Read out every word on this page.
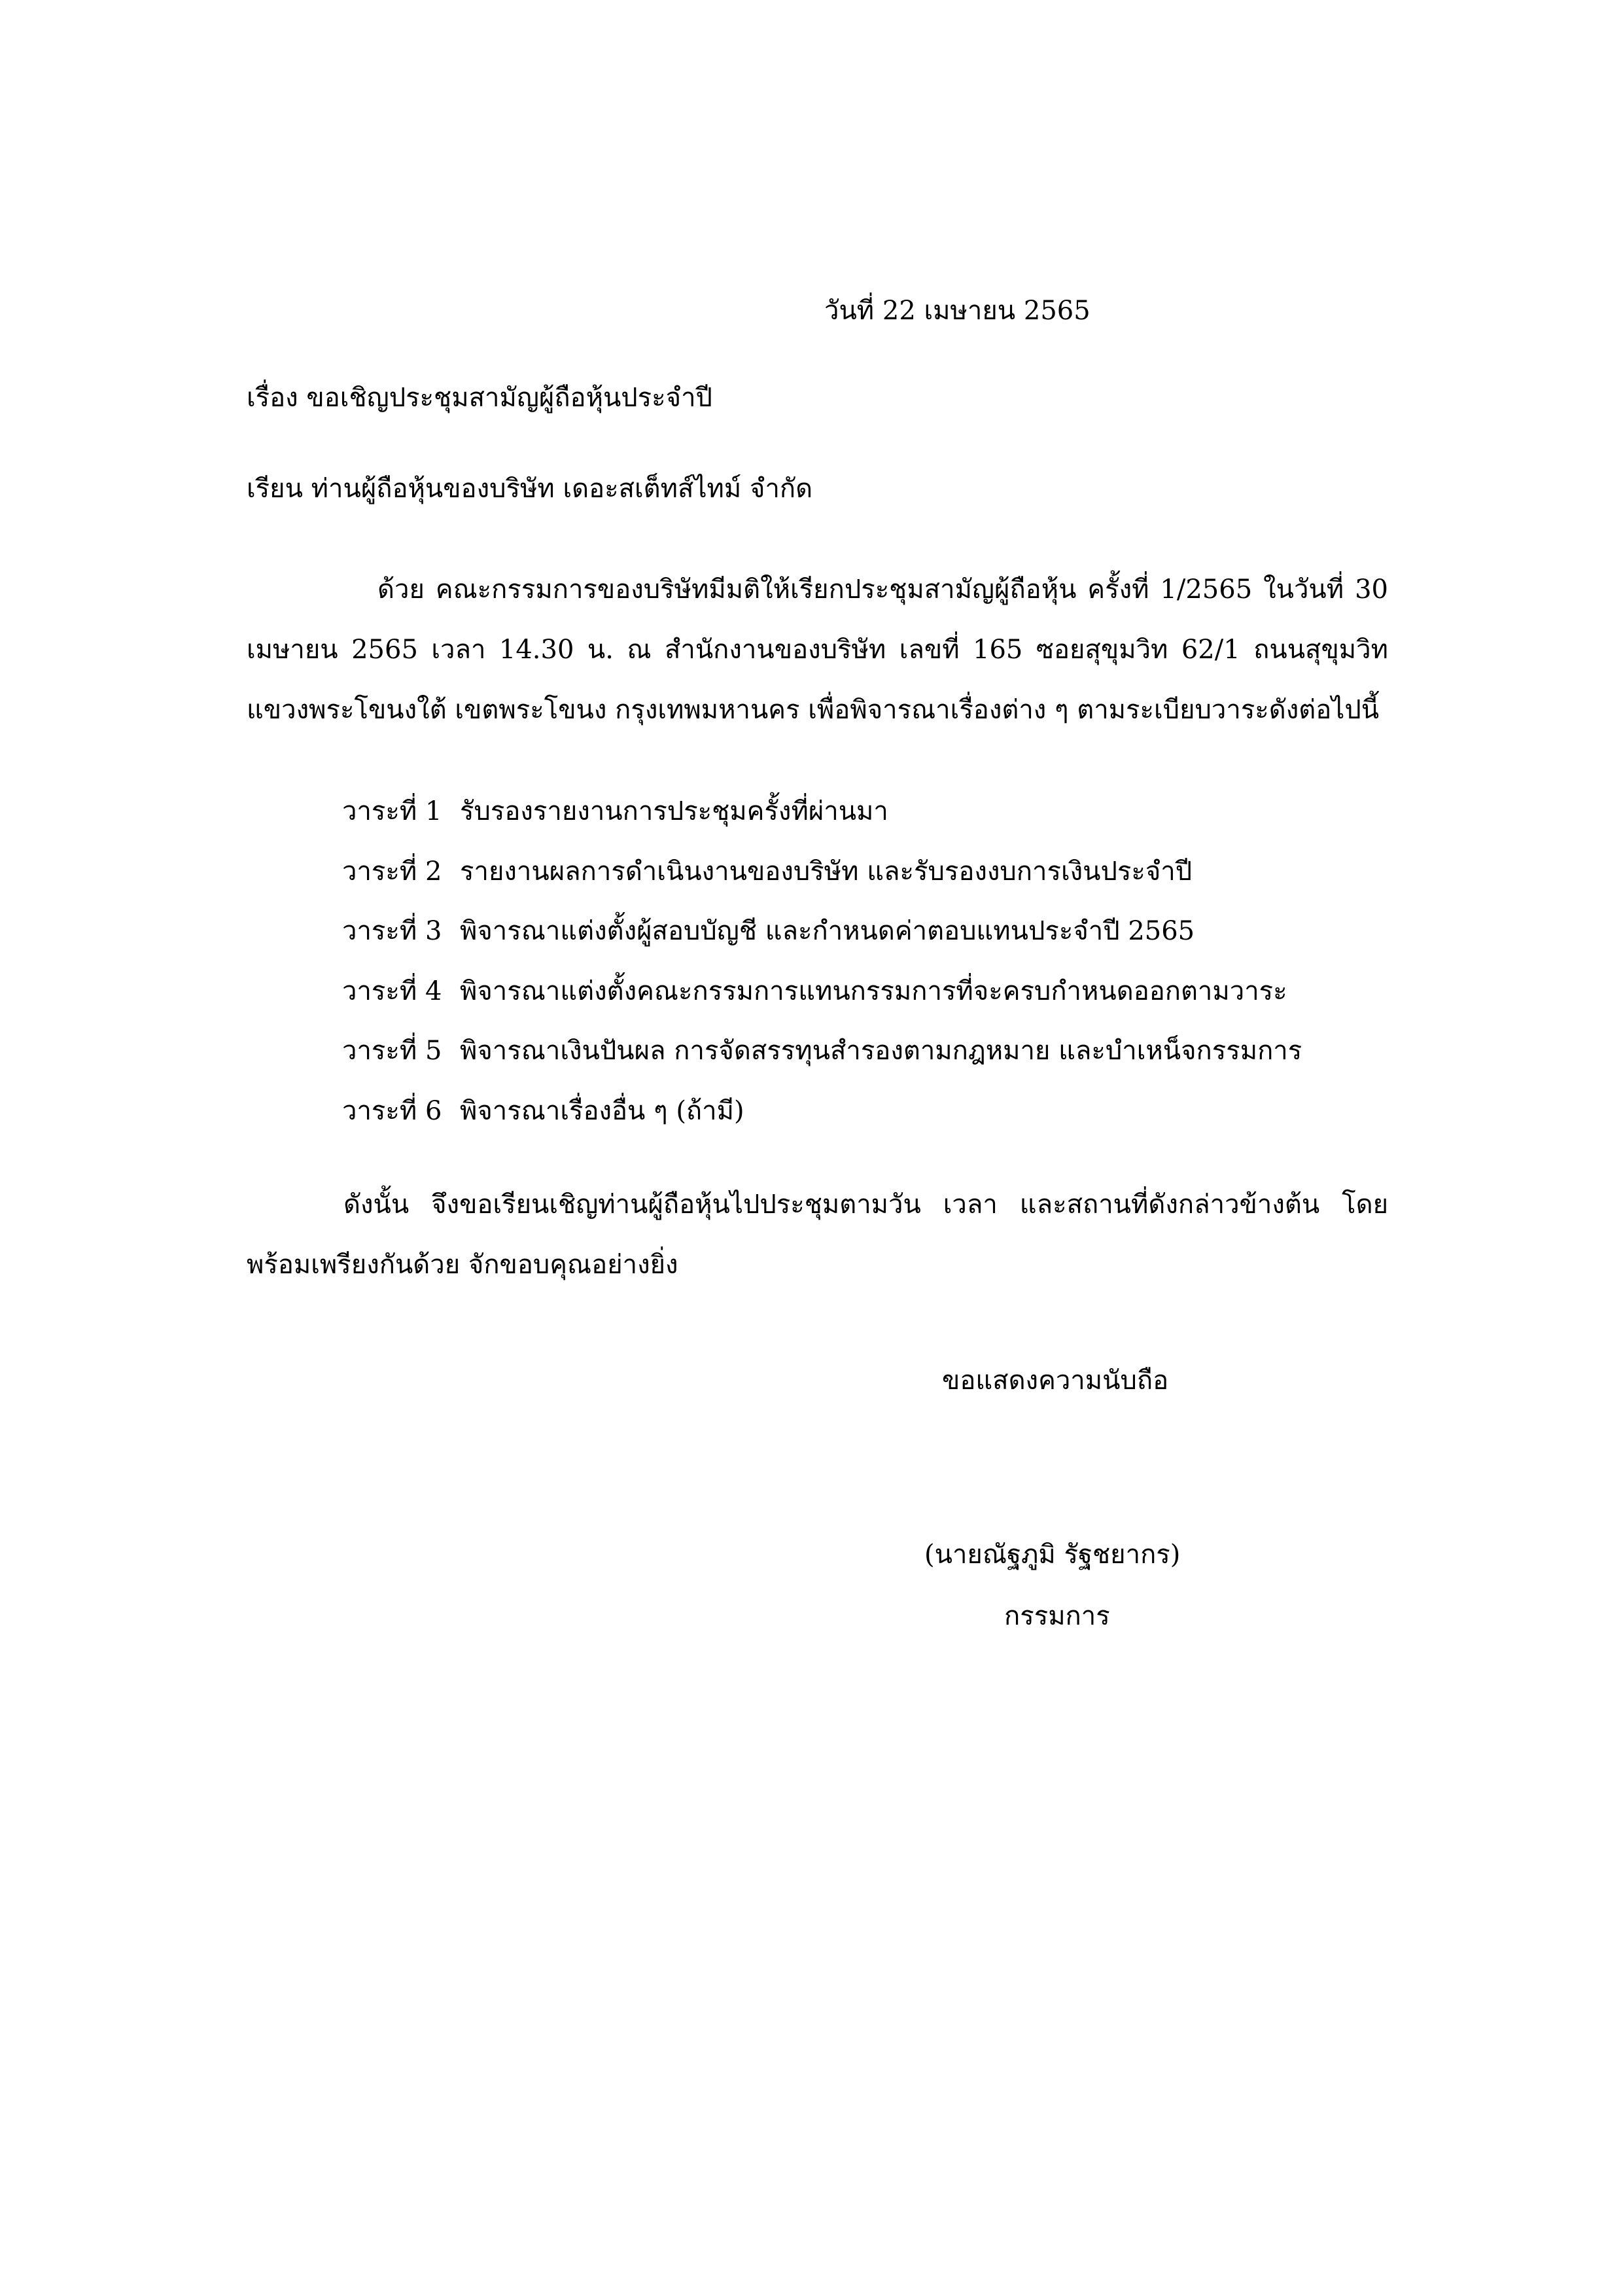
วันที่ 22 เมษายน 2565
เรื่อง ขอเชิญประชุมสามัญผู้ถือหุ้นประจำปี
เรียน ท่านผู้ถือหุ้นของบริษัท เดอะสเต็ทส์ไทม์ จำกัด
ด้วย คณะกรรมการของบริษัทมีมติให้เรียกประชุมสามัญผู้ถือหุ้น ครั้งที่ 1/2565 ในวันที่ 30 เมษายน 2565 เวลา 14.30 น. ณ สำนักงานของบริษัท เลขที่ 165 ซอยสุขุมวิท 62/1 ถนนสุขุมวิท แขวงพระโขนงใต้ เขตพระโขนง กรุงเทพมหานคร เพื่อพิจารณาเรื่องต่าง ๆ ตามระเบียบวาระดังต่อไปนี้
วาระที่ 1 รับรองรายงานการประชุมครั้งที่ผ่านมา
วาระที่ 2 รายงานผลการดำเนินงานของบริษัท และรับรองงบการเงินประจำปี
วาระที่ 3 พิจารณาแต่งตั้งผู้สอบบัญชี และกำหนดค่าตอบแทนประจำปี 2565
วาระที่ 4 พิจารณาแต่งตั้งคณะกรรมการแทนกรรมการที่จะครบกำหนดออกตามวาระ
วาระที่ 5 พิจารณาเงินปันผล การจัดสรรทุนสำรองตามกฎหมาย และบำเหน็จกรรมการ
วาระที่ 6 พิจารณาเรื่องอื่น ๆ (ถ้ามี)
ดังนั้น จึงขอเรียนเชิญท่านผู้ถือหุ้นไปประชุมตามวัน เวลา และสถานที่ดังกล่าวข้างต้น โดยพร้อมเพรียงกันด้วย จักขอบคุณอย่างยิ่ง
ขอแสดงความนับถือ
(นายณัฐภูมิ รัฐชยากร)
กรรมการ
